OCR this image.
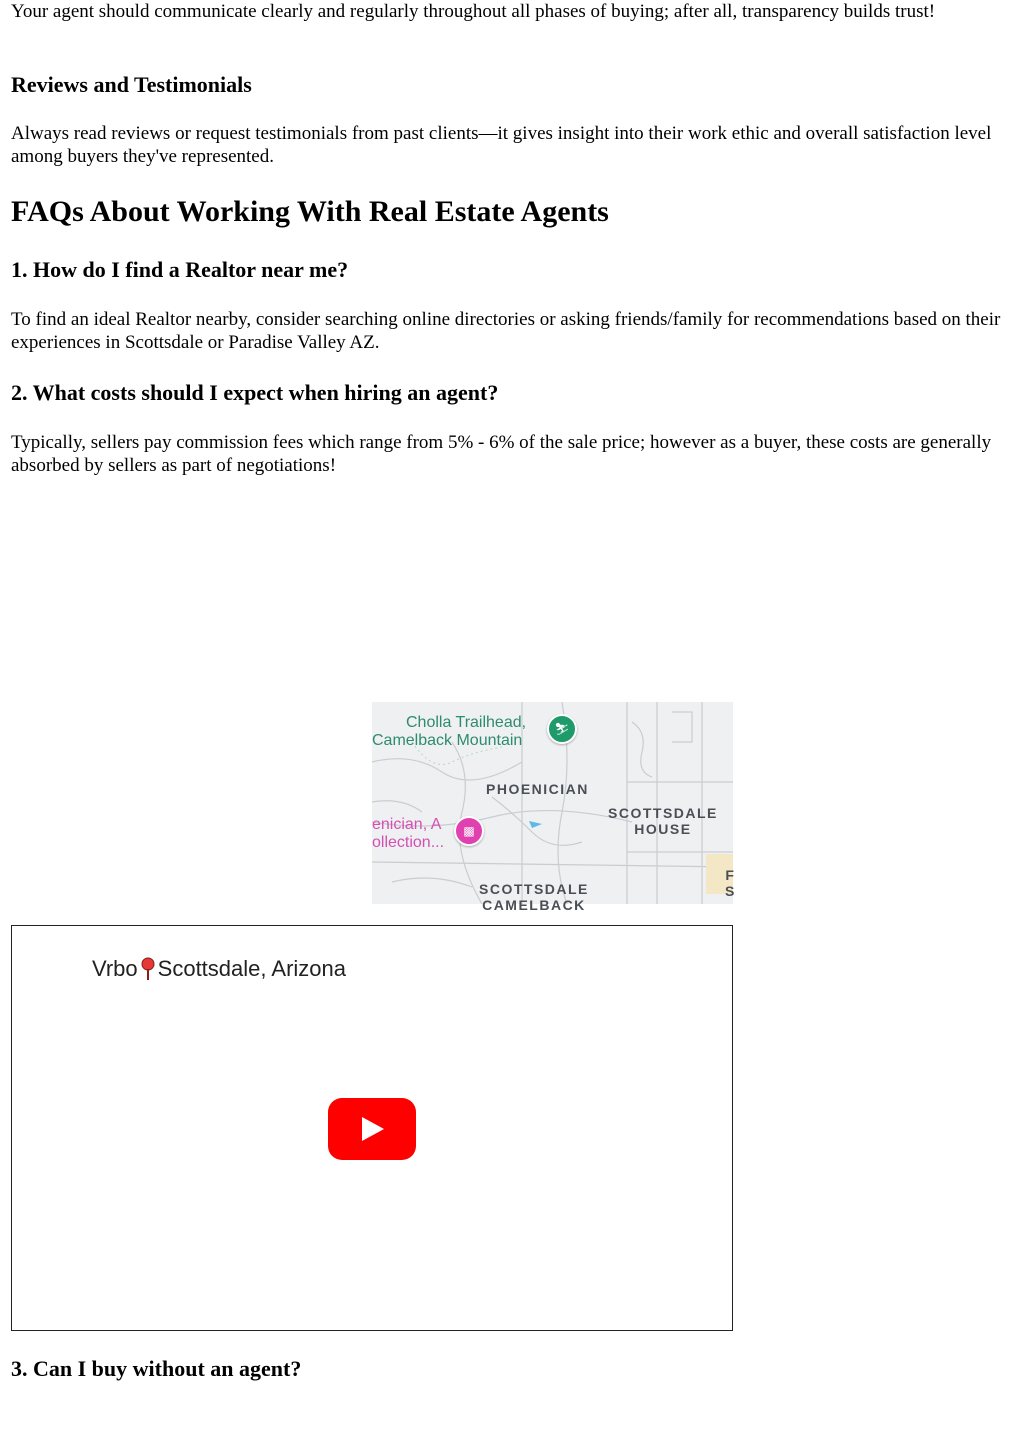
Your agent should communicate clearly and regularly throughout all phases of buying; after all, transparency builds trust!

Reviews and Testimonials

Always read reviews or request testimonials from past clients—it gives insight into their work ethic and overall satisfaction level among buyers they've represented.

FAQs About Working With Real Estate Agents
1. How do I find a Realtor near me?

To find an ideal Realtor nearby, consider searching online directories or asking friends/family for recommendations based on their experiences in Scottsdale or Paradise Valley AZ.

2. What costs should I expect when hiring an agent?

Typically, sellers pay commission fees which range from 5% - 6% of the sale price; however as a buyer, these costs are generally absorbed by sellers as part of negotiations!

3. Can I buy without an agent?
Cholla Trailhead,
Camelback Mountain
⛷
PHOENICIAN
SCOTTSDALE
HOUSE
enician, A
ollection...
▩
SCOTTSDALE
CAMELBACK
F
S
Vrbo Scottsdale, Arizona
